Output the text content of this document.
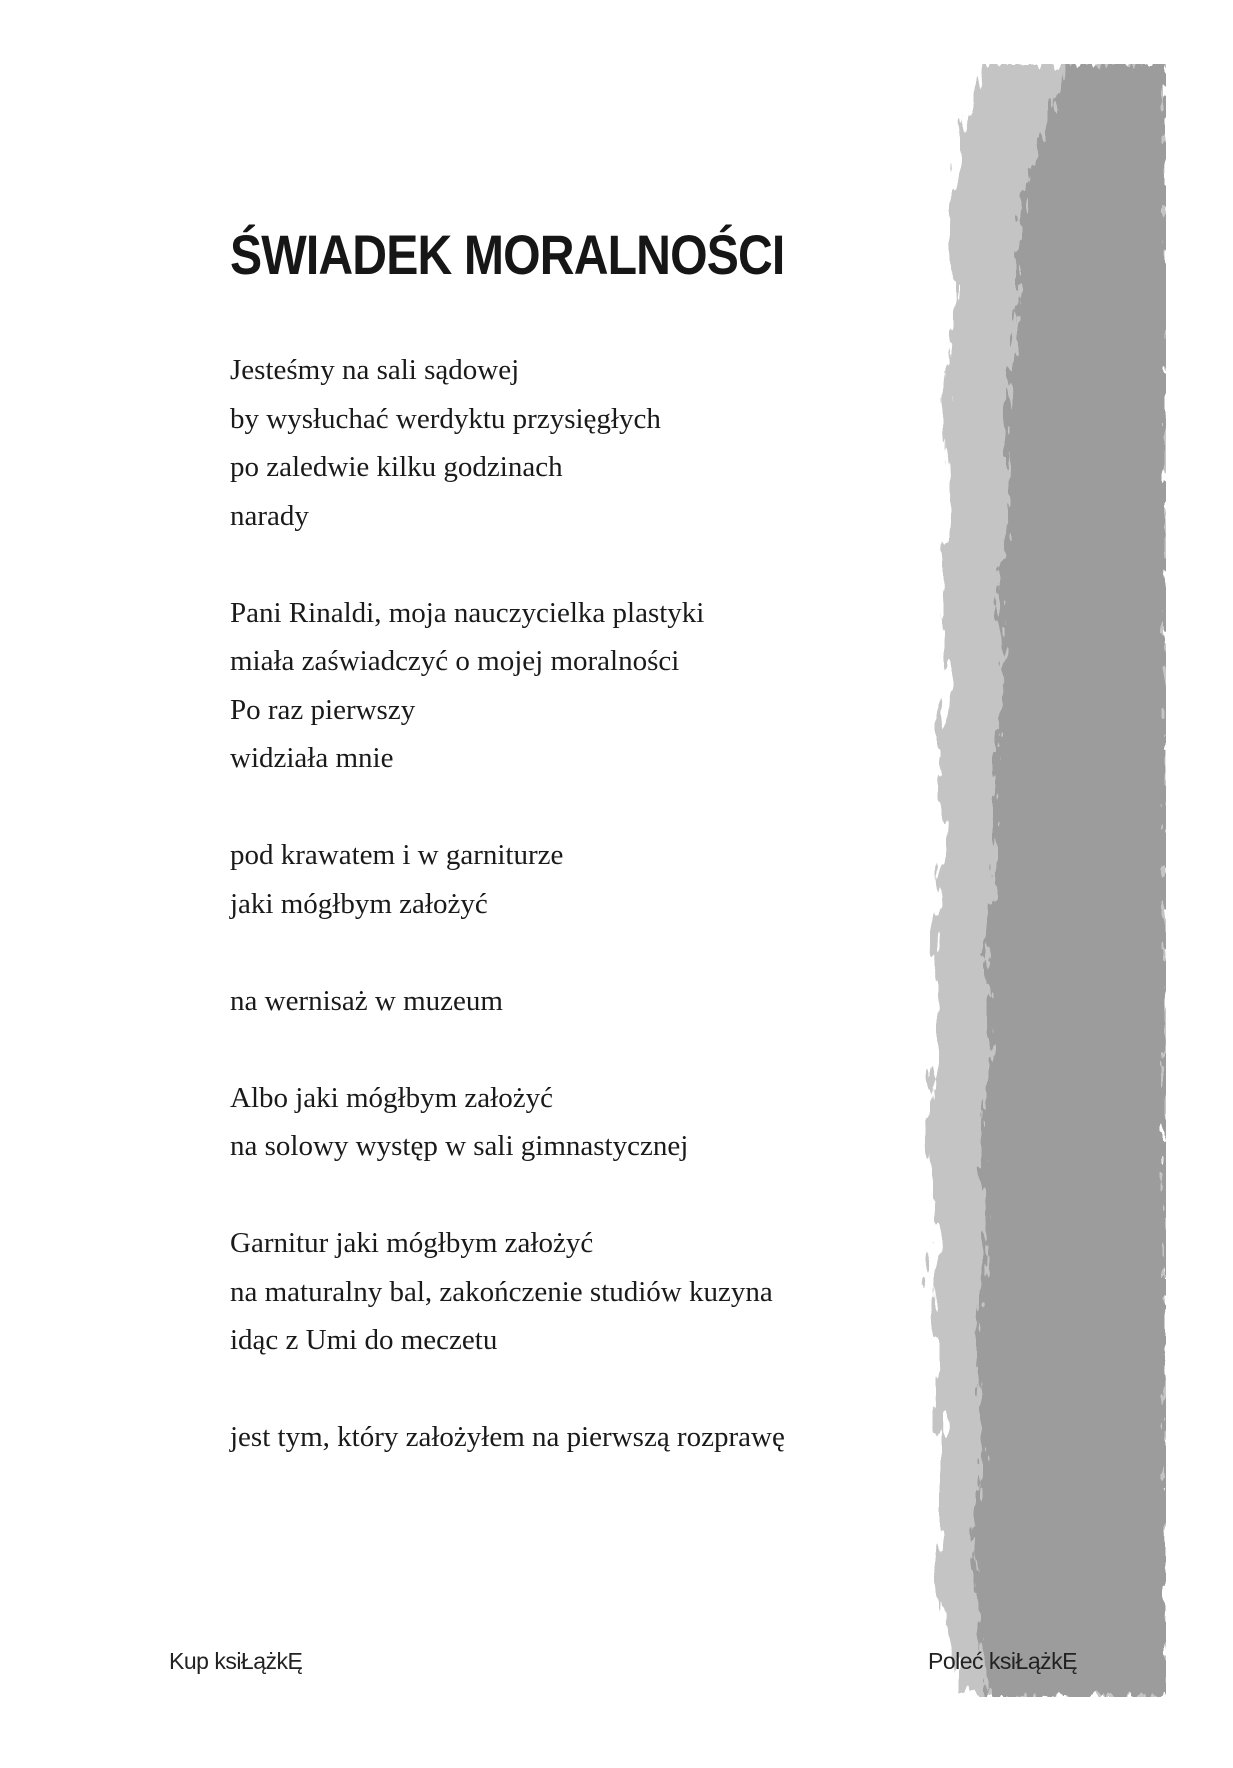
ŚWIADEK MORALNOŚCI

Jesteśmy na sali sądowej
by wysłuchać werdyktu przysięgłych
po zaledwie kilku godzinach
narady

Pani Rinaldi, moja nauczycielka plastyki
miała zaświadczyć o mojej moralności
Po raz pierwszy
widziała mnie

pod krawatem i w garniturze
jaki mógłbym założyć

na wernisaż w muzeum

Albo jaki mógłbym założyć
na solowy występ w sali gimnastycznej

Garnitur jaki mógłbym założyć
na maturalny bal, zakończenie studiów kuzyna
idąc z Umi do meczetu

jest tym, który założyłem na pierwszą rozprawę

Kup ksiŁążkĘ	Poleć ksiŁążkĘ
